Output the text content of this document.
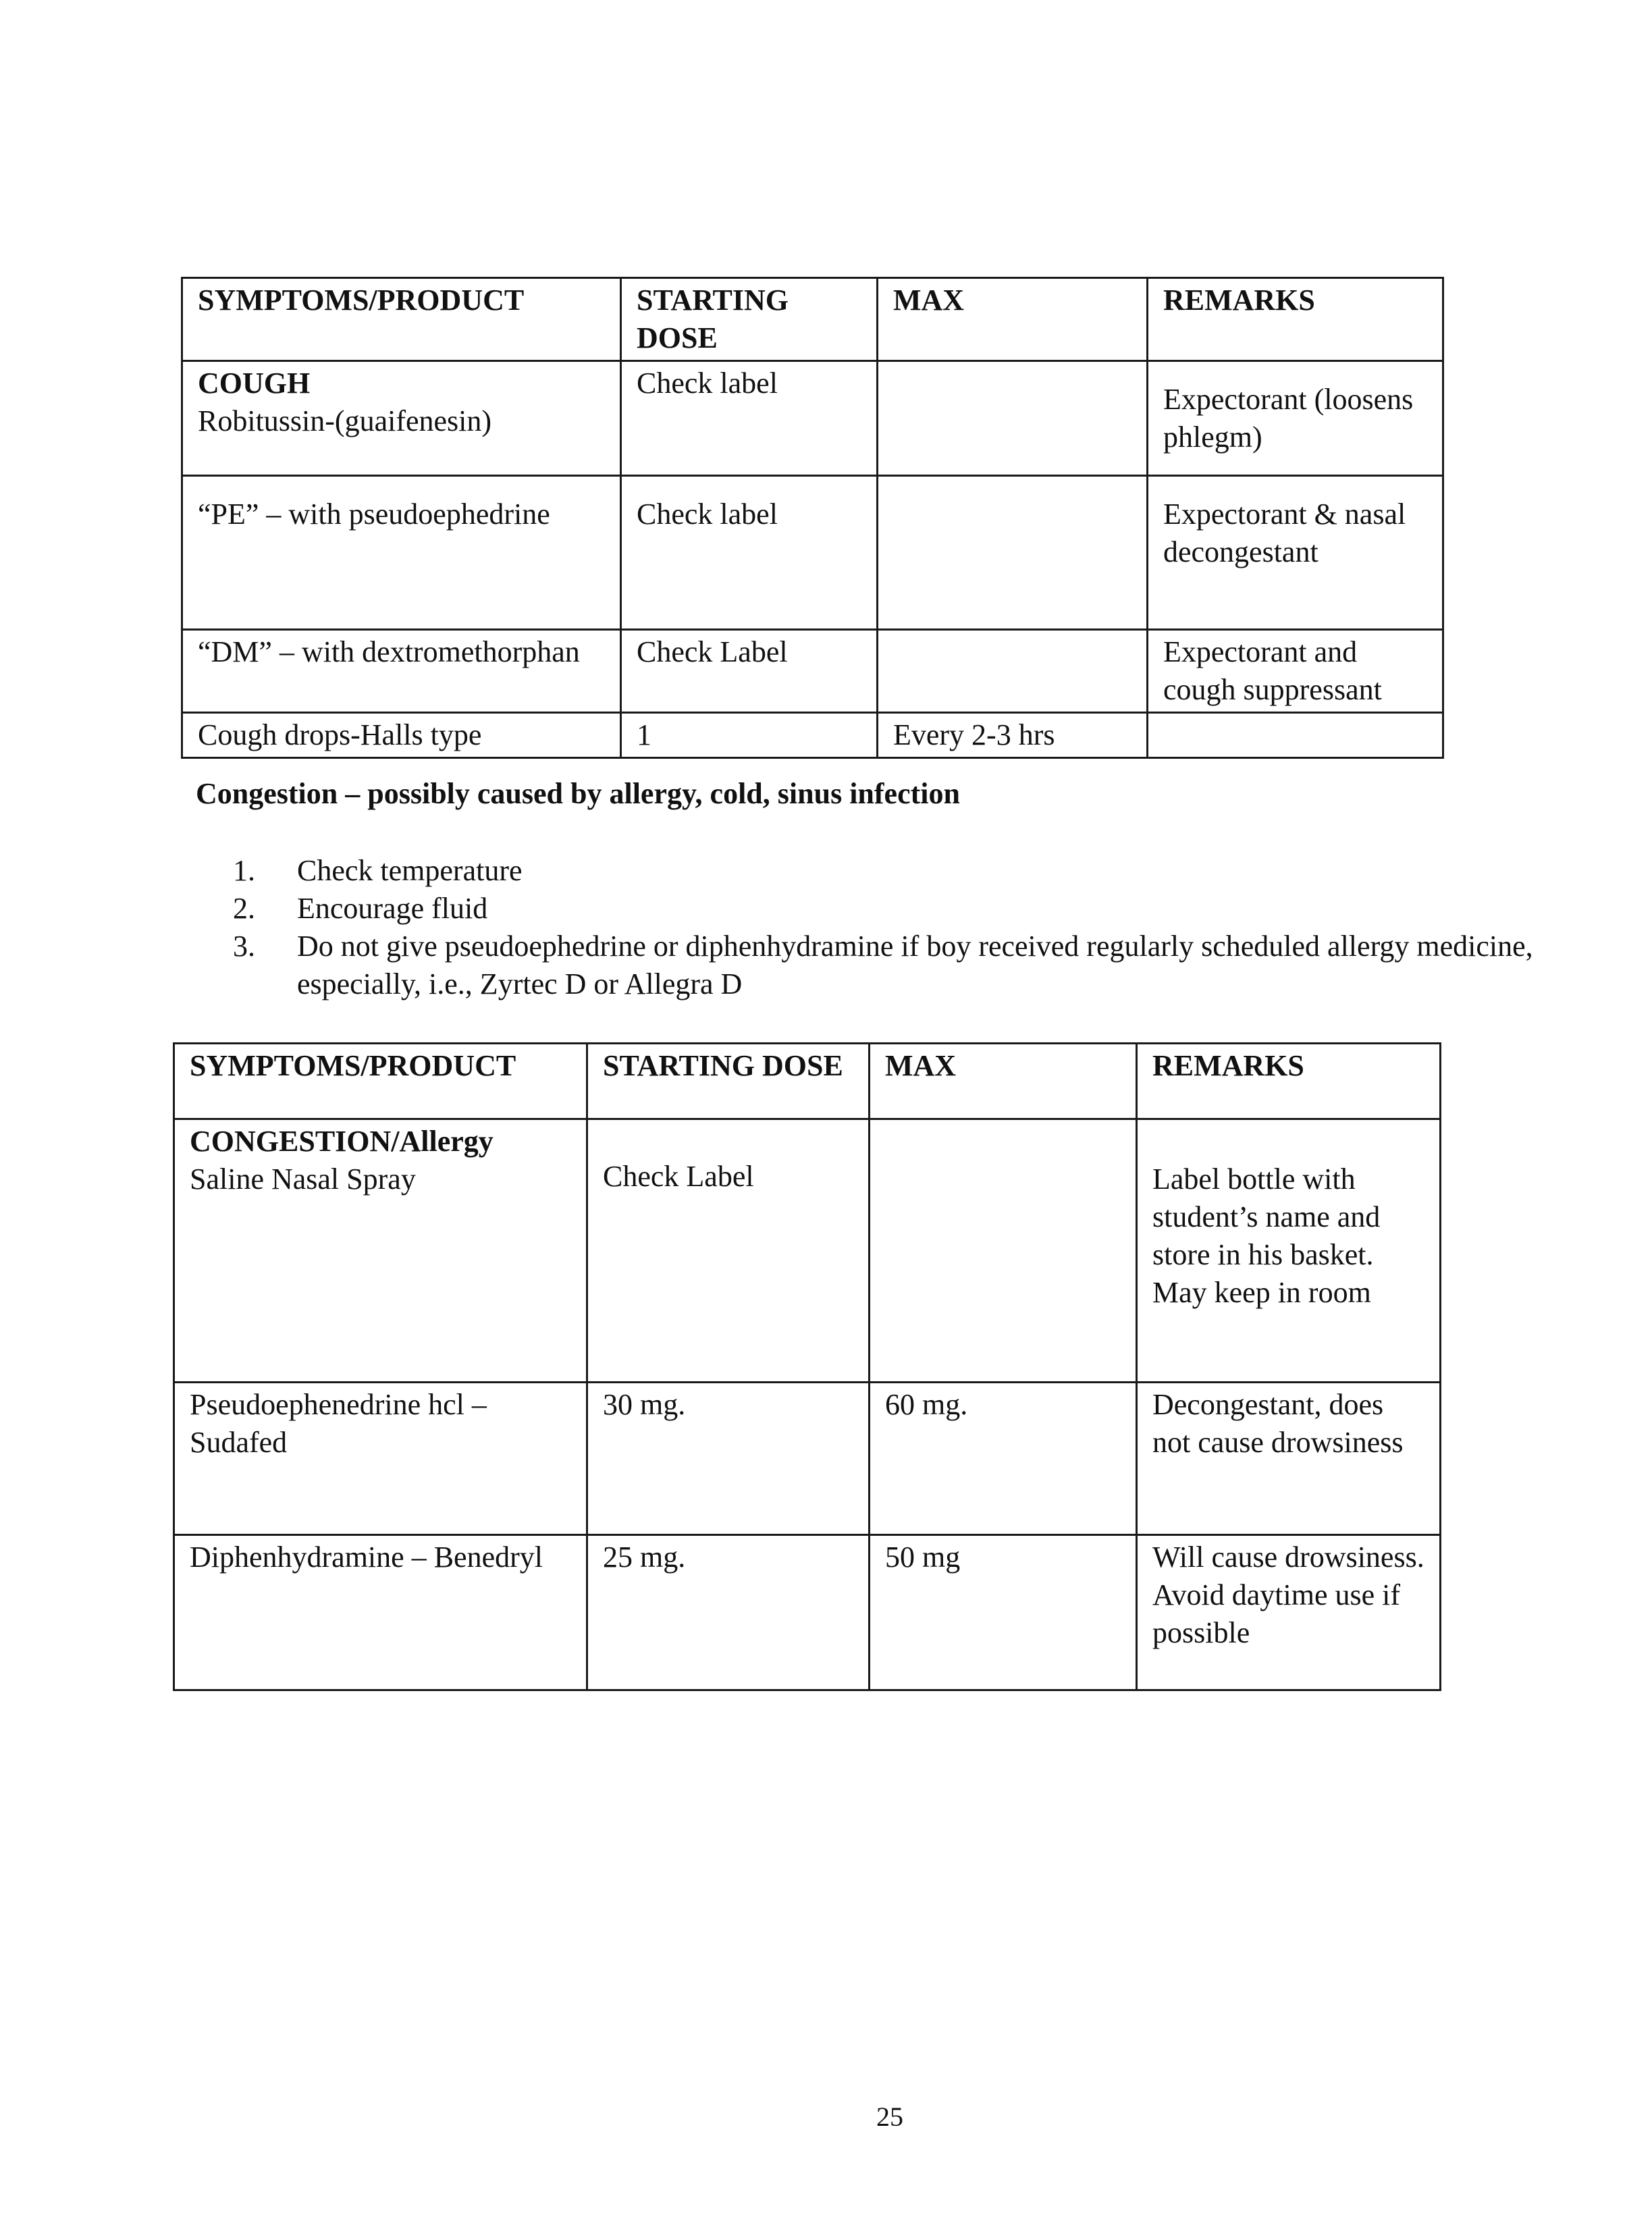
SYMPTOMS/PRODUCT	STARTING DOSE	MAX	REMARKS

COUGH
Robitussin-(guaifenesin)	Check label		Expectorant (loosens phlegm)
“PE” – with pseudoephedrine	Check label		Expectorant & nasal decongestant
“DM” – with dextromethorphan	Check Label		Expectorant and cough suppressant
Cough drops-Halls type	1	Every 2-3 hrs	
Congestion – possibly caused by allergy, cold, sinus infection
1.	Check temperature
2.	Encourage fluid
3.	Do not give pseudoephedrine or diphenhydramine if boy received regularly scheduled allergy medicine, especially, i.e., Zyrtec D or Allegra D
SYMPTOMS/PRODUCT	STARTING DOSE	MAX	REMARKS

CONGESTION/Allergy
Saline Nasal Spray	Check Label		Label bottle with student’s name and store in his basket. May keep in room
Pseudoephenedrine hcl – Sudafed	30 mg.	60 mg.	Decongestant, does not cause drowsiness
Diphenhydramine – Benedryl	25 mg.	50 mg	Will cause drowsiness. Avoid daytime use if possible
25
